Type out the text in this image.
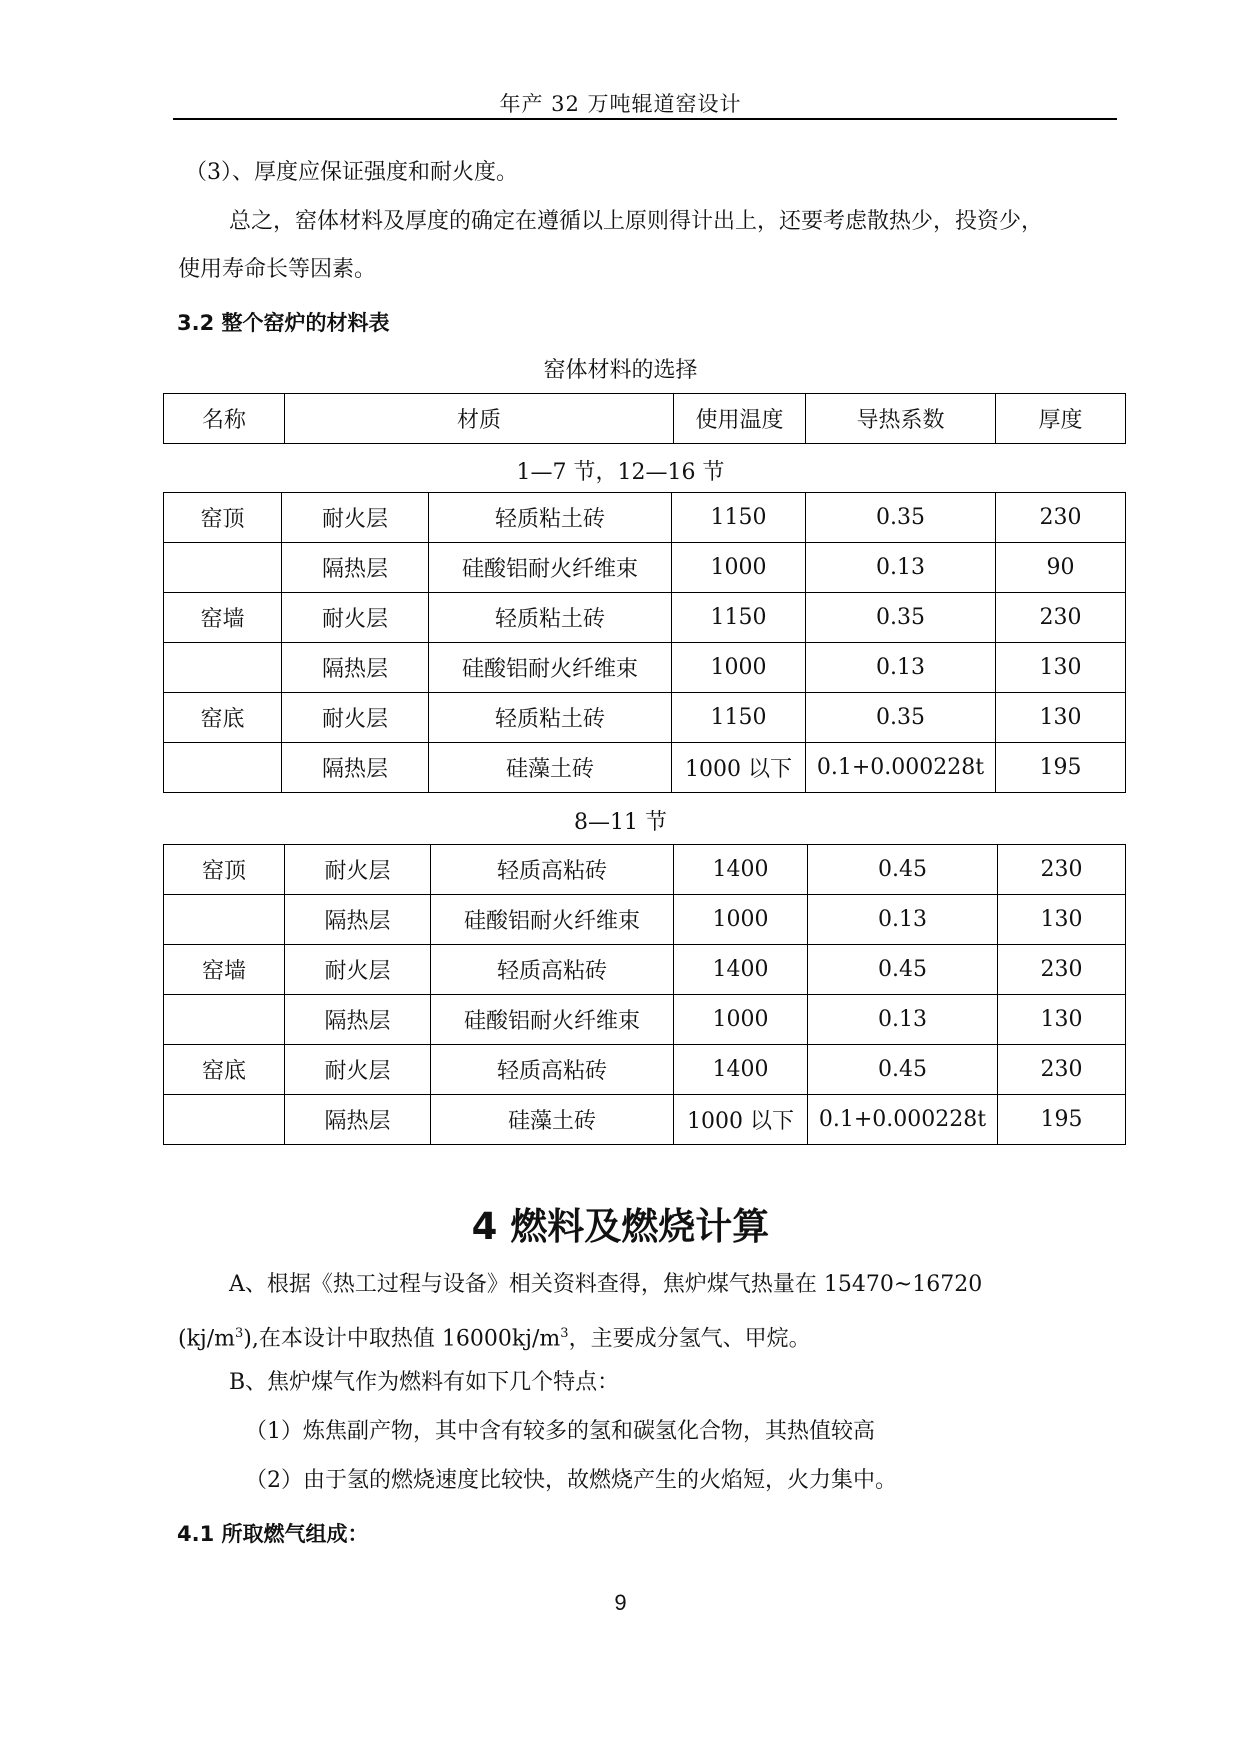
年产 32 万吨辊道窑设计
（3）、厚度应保证强度和耐火度。
总之，窑体材料及厚度的确定在遵循以上原则得计出上，还要考虑散热少，投资少，
使用寿命长等因素。
3.2 整个窑炉的材料表
窑体材料的选择
名称	材质	使用温度	导热系数	厚度
1—7 节，12—16 节
窑顶	耐火层	轻质粘土砖	1150	0.35	230
	隔热层	硅酸铝耐火纤维束	1000	0.13	90
窑墙	耐火层	轻质粘土砖	1150	0.35	230
	隔热层	硅酸铝耐火纤维束	1000	0.13	130
窑底	耐火层	轻质粘土砖	1150	0.35	130
	隔热层	硅藻土砖	1000 以下	0.1+0.000228t	195
8—11 节
窑顶	耐火层	轻质高粘砖	1400	0.45	230
	隔热层	硅酸铝耐火纤维束	1000	0.13	130
窑墙	耐火层	轻质高粘砖	1400	0.45	230
	隔热层	硅酸铝耐火纤维束	1000	0.13	130
窑底	耐火层	轻质高粘砖	1400	0.45	230
	隔热层	硅藻土砖	1000 以下	0.1+0.000228t	195
4 燃料及燃烧计算
A、根据《热工过程与设备》相关资料查得，焦炉煤气热量在 15470~16720
$(kj/m^3)$,在本设计中取热值 $16000kj/m^3$，主要成分氢气、甲烷。
B、焦炉煤气作为燃料有如下几个特点：
（1）炼焦副产物，其中含有较多的氢和碳氢化合物，其热值较高
（2）由于氢的燃烧速度比较快，故燃烧产生的火焰短，火力集中。
4.1 所取燃气组成：
9
